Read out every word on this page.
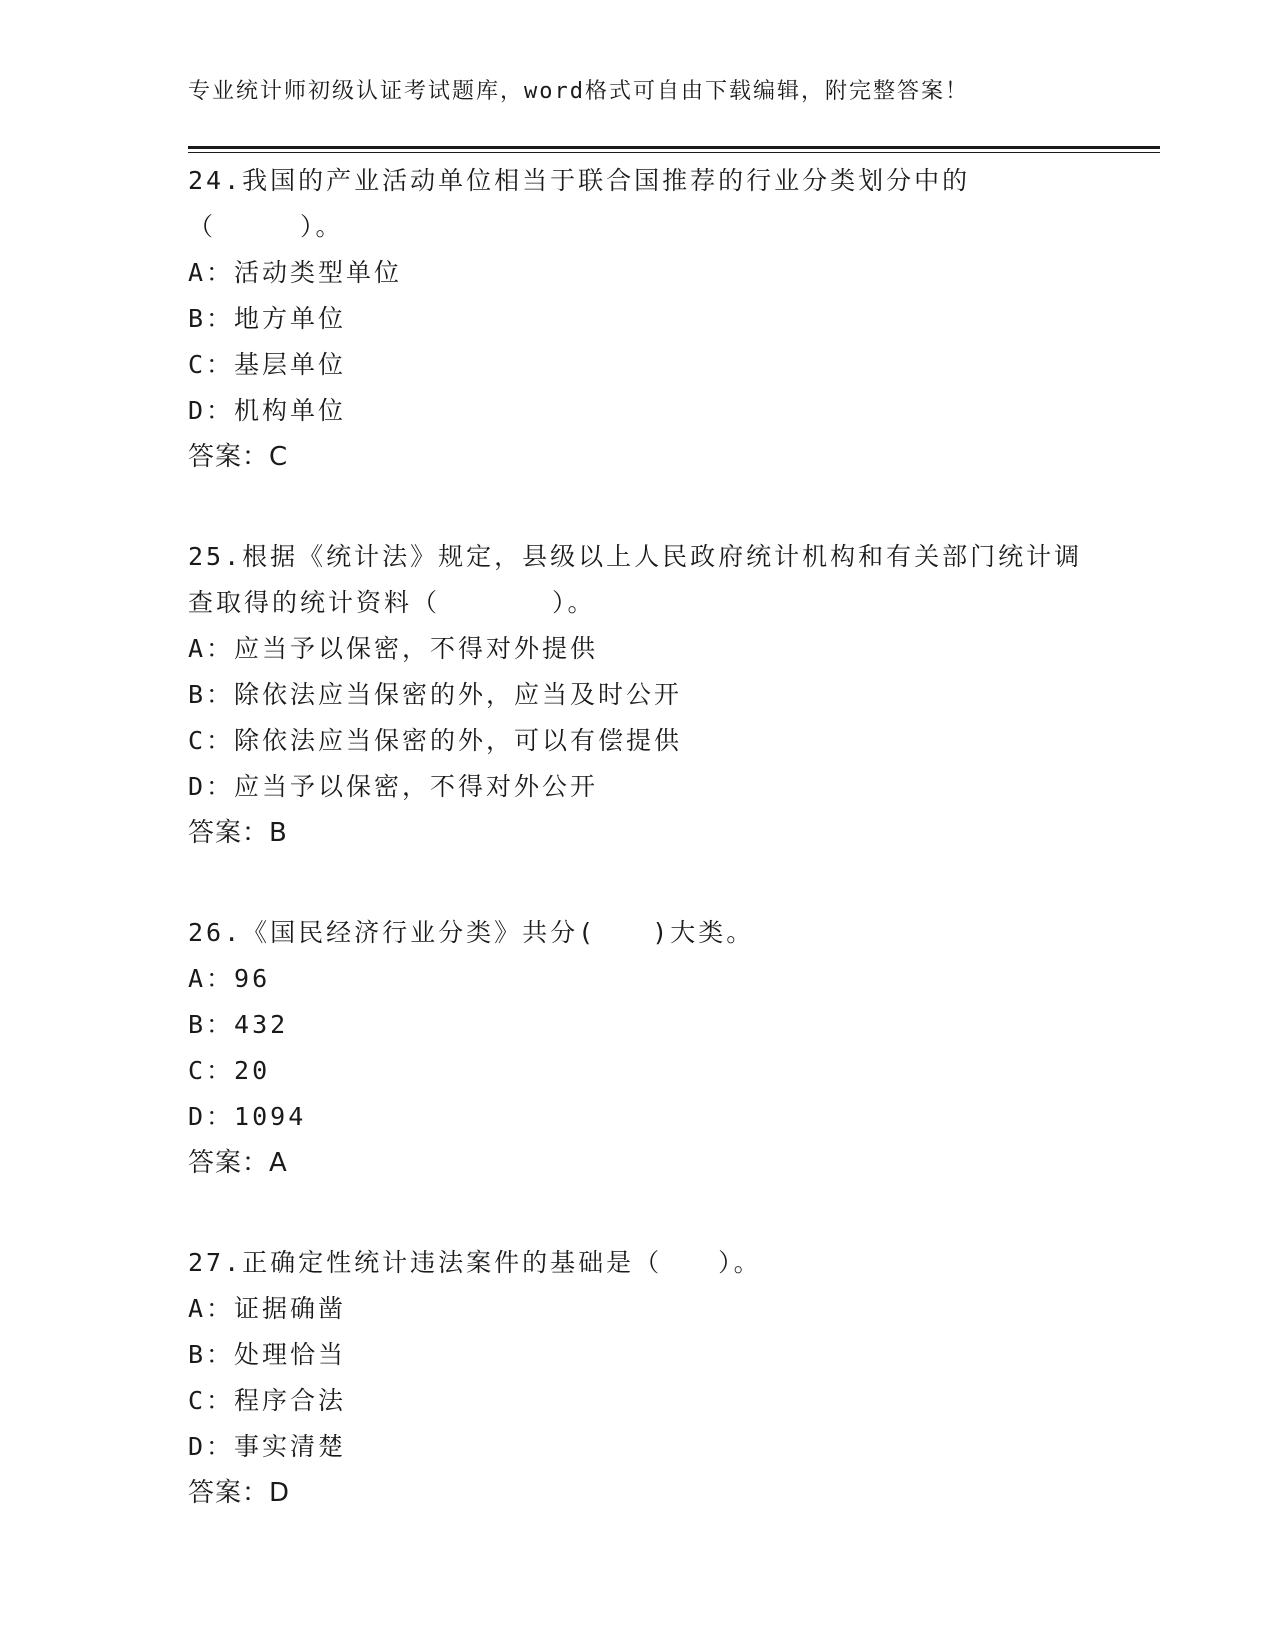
专业统计师初级认证考试题库，word格式可自由下载编辑，附完整答案！

24.我国的产业活动单位相当于联合国推荐的行业分类划分中的（　　　）。

A：活动类型单位
B：地方单位
C：基层单位
D：机构单位
答案：C

25.根据《统计法》规定，县级以上人民政府统计机构和有关部门统计调查取得的统计资料（　　　　）。

A：应当予以保密，不得对外提供
B：除依法应当保密的外，应当及时公开
C：除依法应当保密的外，可以有偿提供
D：应当予以保密，不得对外公开
答案：B

26.《国民经济行业分类》共分(　　)大类。

A：96
B：432
C：20
D：1094
答案：A

27.正确定性统计违法案件的基础是（　　）。

A：证据确凿
B：处理恰当
C：程序合法
D：事实清楚
答案：D
